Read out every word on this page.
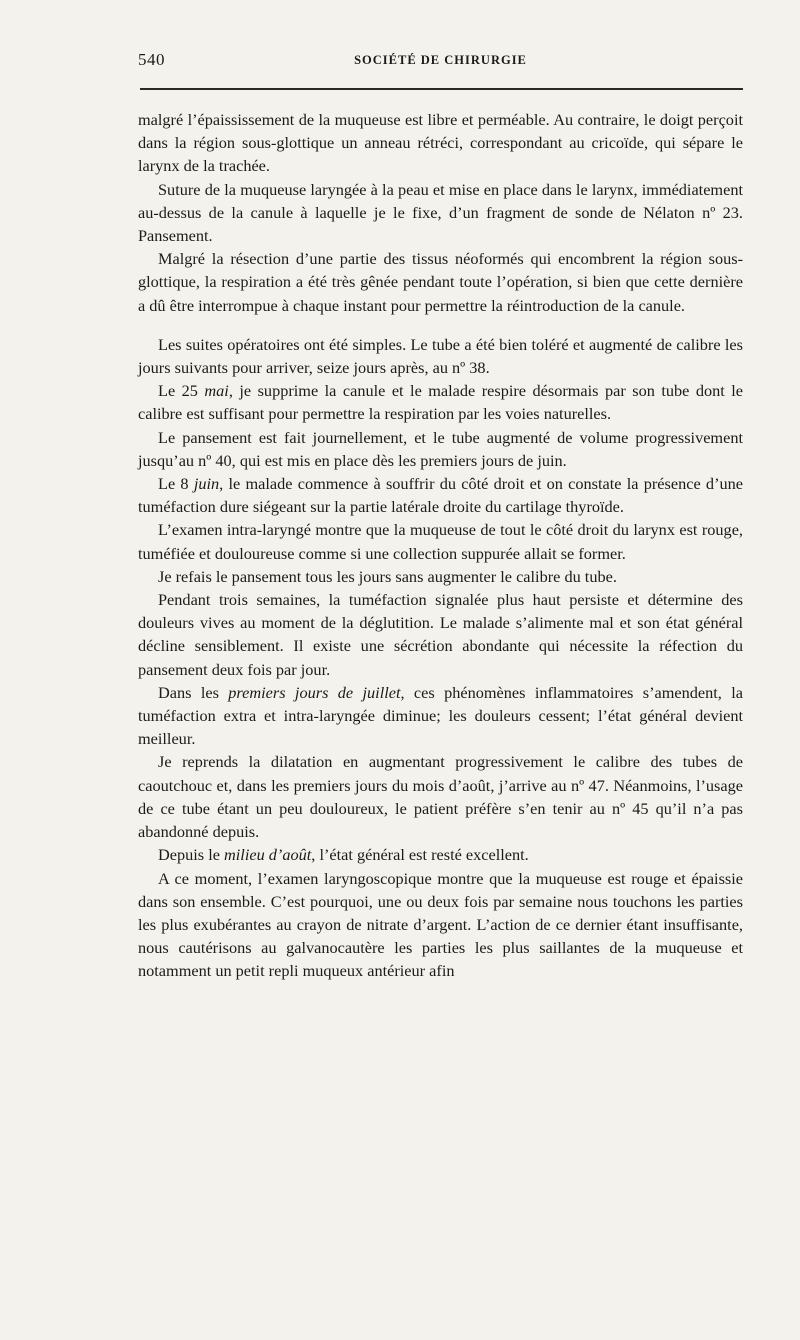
540	SOCIÉTÉ DE CHIRURGIE

malgré l’épaississement de la muqueuse est libre et perméable. Au contraire, le doigt perçoit dans la région sous-glottique un anneau rétréci, correspondant au cricoïde, qui sépare le larynx de la trachée.

Suture de la muqueuse laryngée à la peau et mise en place dans le larynx, immédiatement au-dessus de la canule à laquelle je le fixe, d’un fragment de sonde de Nélaton nº 23. Pansement.

Malgré la résection d’une partie des tissus néoformés qui encombrent la région sous-glottique, la respiration a été très gênée pendant toute l’opération, si bien que cette dernière a dû être interrompue à chaque instant pour permettre la réintroduction de la canule.

Les suites opératoires ont été simples. Le tube a été bien toléré et augmenté de calibre les jours suivants pour arriver, seize jours après, au nº 38.

Le 25 mai, je supprime la canule et le malade respire désormais par son tube dont le calibre est suffisant pour permettre la respiration par les voies naturelles.

Le pansement est fait journellement, et le tube augmenté de volume progressivement jusqu’au nº 40, qui est mis en place dès les premiers jours de juin.

Le 8 juin, le malade commence à souffrir du côté droit et on constate la présence d’une tuméfaction dure siégeant sur la partie latérale droite du cartilage thyroïde.

L’examen intra-laryngé montre que la muqueuse de tout le côté droit du larynx est rouge, tuméfiée et douloureuse comme si une collection suppurée allait se former.

Je refais le pansement tous les jours sans augmenter le calibre du tube.

Pendant trois semaines, la tuméfaction signalée plus haut persiste et détermine des douleurs vives au moment de la déglutition. Le malade s’alimente mal et son état général décline sensiblement. Il existe une sécrétion abondante qui nécessite la réfection du pansement deux fois par jour.

Dans les premiers jours de juillet, ces phénomènes inflammatoires s’amendent, la tuméfaction extra et intra-laryngée diminue; les douleurs cessent; l’état général devient meilleur.

Je reprends la dilatation en augmentant progressivement le calibre des tubes de caoutchouc et, dans les premiers jours du mois d’août, j’arrive au nº 47. Néanmoins, l’usage de ce tube étant un peu douloureux, le patient préfère s’en tenir au nº 45 qu’il n’a pas abandonné depuis.

Depuis le milieu d’août, l’état général est resté excellent.

A ce moment, l’examen laryngoscopique montre que la muqueuse est rouge et épaissie dans son ensemble. C’est pourquoi, une ou deux fois par semaine nous touchons les parties les plus exubérantes au crayon de nitrate d’argent. L’action de ce dernier étant insuffisante, nous cautérisons au galvanocautère les parties les plus saillantes de la muqueuse et notamment un petit repli muqueux antérieur afin
